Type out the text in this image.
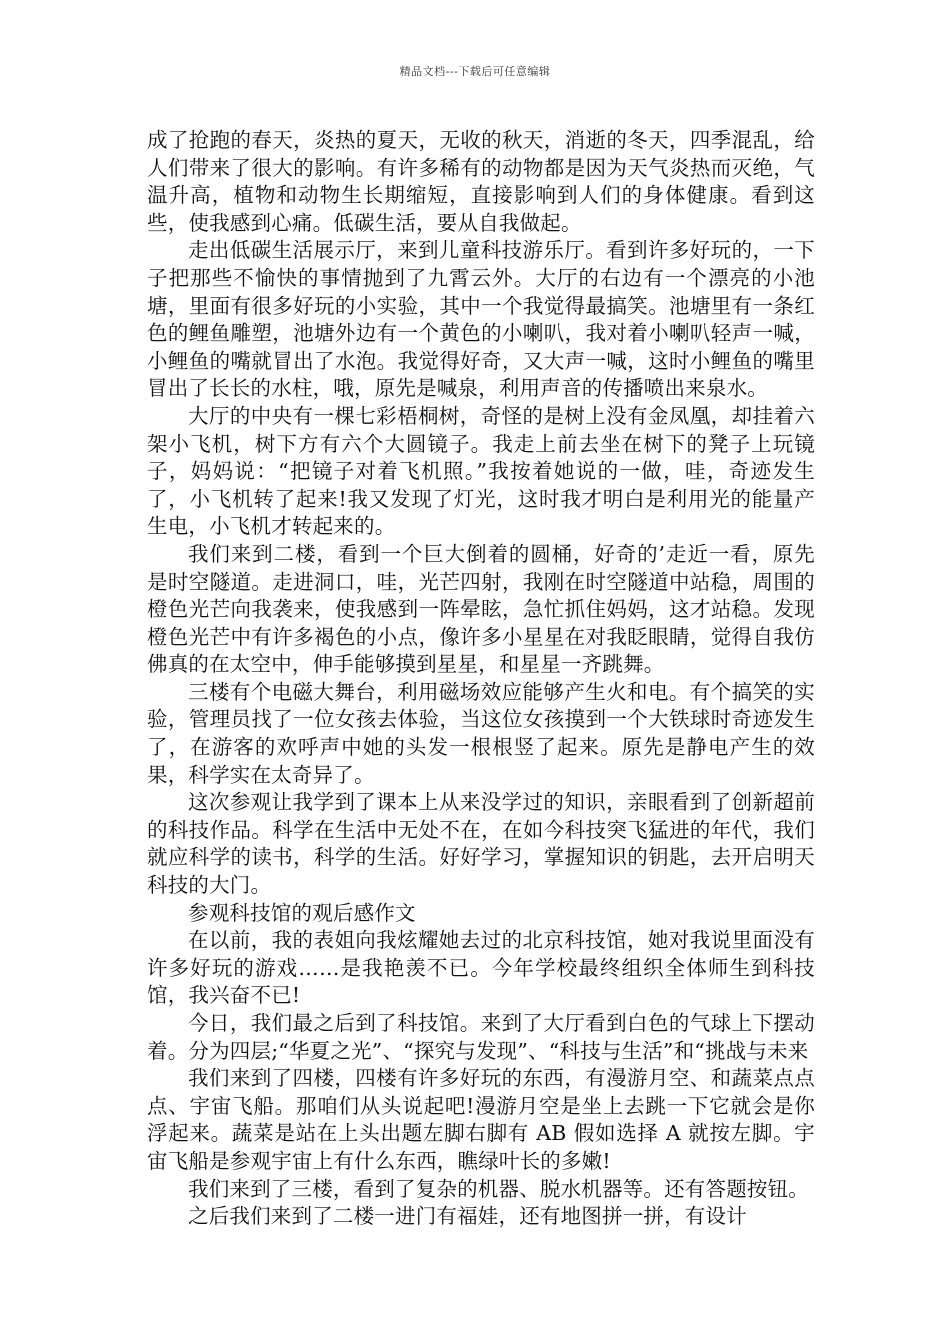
精品文档---下载后可任意编辑

成了抢跑的春天，炎热的夏天，无收的秋天，消逝的冬天，四季混乱，给人们带来了很大的影响。有许多稀有的动物都是因为天气炎热而灭绝，气温升高，植物和动物生长期缩短，直接影响到人们的身体健康。看到这些，使我感到心痛。低碳生活，要从自我做起。

走出低碳生活展示厅，来到儿童科技游乐厅。看到许多好玩的，一下子把那些不愉快的事情抛到了九霄云外。大厅的右边有一个漂亮的小池塘，里面有很多好玩的小实验，其中一个我觉得最搞笑。池塘里有一条红色的鲤鱼雕塑，池塘外边有一个黄色的小喇叭，我对着小喇叭轻声一喊，小鲤鱼的嘴就冒出了水泡。我觉得好奇，又大声一喊，这时小鲤鱼的嘴里冒出了长长的水柱，哦，原先是喊泉，利用声音的传播喷出来泉水。

大厅的中央有一棵七彩梧桐树，奇怪的是树上没有金凤凰，却挂着六架小飞机，树下方有六个大圆镜子。我走上前去坐在树下的凳子上玩镜子，妈妈说：“把镜子对着飞机照。”我按着她说的一做，哇，奇迹发生了，小飞机转了起来!我又发现了灯光，这时我才明白是利用光的能量产生电，小飞机才转起来的。

我们来到二楼，看到一个巨大倒着的圆桶，好奇的’走近一看，原先是时空隧道。走进洞口，哇，光芒四射，我刚在时空隧道中站稳，周围的橙色光芒向我袭来，使我感到一阵晕眩，急忙抓住妈妈，这才站稳。发现橙色光芒中有许多褐色的小点，像许多小星星在对我眨眼睛，觉得自我仿佛真的在太空中，伸手能够摸到星星，和星星一齐跳舞。

三楼有个电磁大舞台，利用磁场效应能够产生火和电。有个搞笑的实验，管理员找了一位女孩去体验，当这位女孩摸到一个大铁球时奇迹发生了，在游客的欢呼声中她的头发一根根竖了起来。原先是静电产生的效果，科学实在太奇异了。

这次参观让我学到了课本上从来没学过的知识，亲眼看到了创新超前的科技作品。科学在生活中无处不在，在如今科技突飞猛进的年代，我们就应科学的读书，科学的生活。好好学习，掌握知识的钥匙，去开启明天科技的大门。

参观科技馆的观后感作文

在以前，我的表姐向我炫耀她去过的北京科技馆，她对我说里面没有许多好玩的游戏……是我艳羡不已。今年学校最终组织全体师生到科技馆，我兴奋不已!

今日，我们最之后到了科技馆。来到了大厅看到白色的气球上下摆动着。分为四层;“华夏之光”、“探究与发现”、“科技与生活”和“挑战与未来

我们来到了四楼，四楼有许多好玩的东西，有漫游月空、和蔬菜点点点、宇宙飞船。那咱们从头说起吧!漫游月空是坐上去跳一下它就会是你浮起来。蔬菜是站在上头出题左脚右脚有 AB 假如选择 A 就按左脚。宇宙飞船是参观宇宙上有什么东西，瞧绿叶长的多嫩!

我们来到了三楼，看到了复杂的机器、脱水机器等。还有答题按钮。

之后我们来到了二楼一进门有福娃，还有地图拼一拼，有设计
